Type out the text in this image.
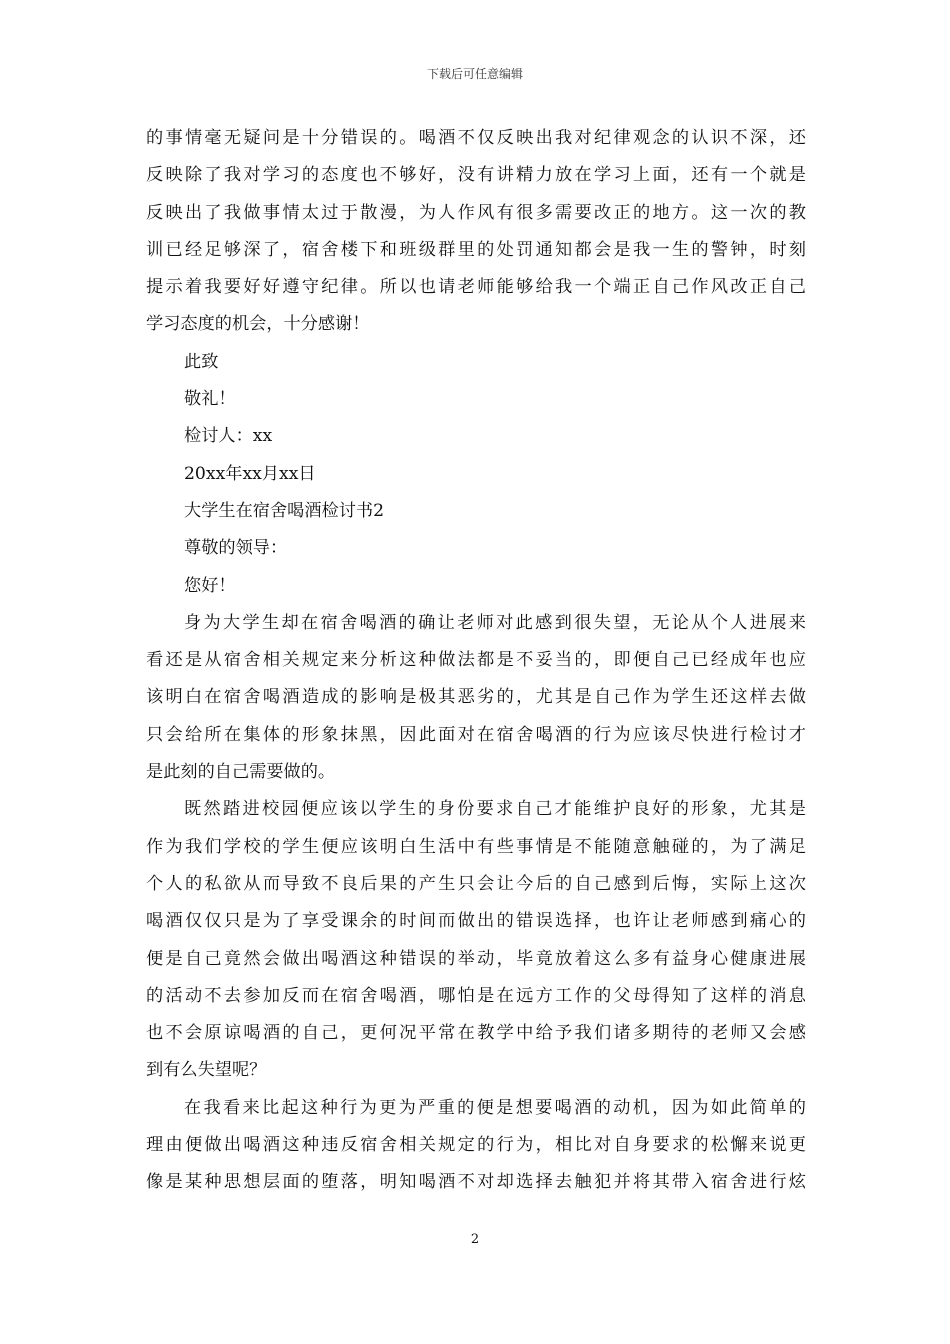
下载后可任意编辑
的事情毫无疑问是十分错误的。喝酒不仅反映出我对纪律观念的认识不深，还
反映除了我对学习的态度也不够好，没有讲精力放在学习上面，还有一个就是
反映出了我做事情太过于散漫，为人作风有很多需要改正的地方。这一次的教
训已经足够深了，宿舍楼下和班级群里的处罚通知都会是我一生的警钟，时刻
提示着我要好好遵守纪律。所以也请老师能够给我一个端正自己作风改正自己
学习态度的机会，十分感谢！
此致
敬礼！
检讨人：xx
20xx年xx月xx日
大学生在宿舍喝酒检讨书2
尊敬的领导：
您好！
身为大学生却在宿舍喝酒的确让老师对此感到很失望，无论从个人进展来
看还是从宿舍相关规定来分析这种做法都是不妥当的，即便自己已经成年也应
该明白在宿舍喝酒造成的影响是极其恶劣的，尤其是自己作为学生还这样去做
只会给所在集体的形象抹黑，因此面对在宿舍喝酒的行为应该尽快进行检讨才
是此刻的自己需要做的。
既然踏进校园便应该以学生的身份要求自己才能维护良好的形象，尤其是
作为我们学校的学生便应该明白生活中有些事情是不能随意触碰的，为了满足
个人的私欲从而导致不良后果的产生只会让今后的自己感到后悔，实际上这次
喝酒仅仅只是为了享受课余的时间而做出的错误选择，也许让老师感到痛心的
便是自己竟然会做出喝酒这种错误的举动，毕竟放着这么多有益身心健康进展
的活动不去参加反而在宿舍喝酒，哪怕是在远方工作的父母得知了这样的消息
也不会原谅喝酒的自己，更何况平常在教学中给予我们诸多期待的老师又会感
到有么失望呢？
在我看来比起这种行为更为严重的便是想要喝酒的动机，因为如此简单的
理由便做出喝酒这种违反宿舍相关规定的行为，相比对自身要求的松懈来说更
像是某种思想层面的堕落，明知喝酒不对却选择去触犯并将其带入宿舍进行炫
2
